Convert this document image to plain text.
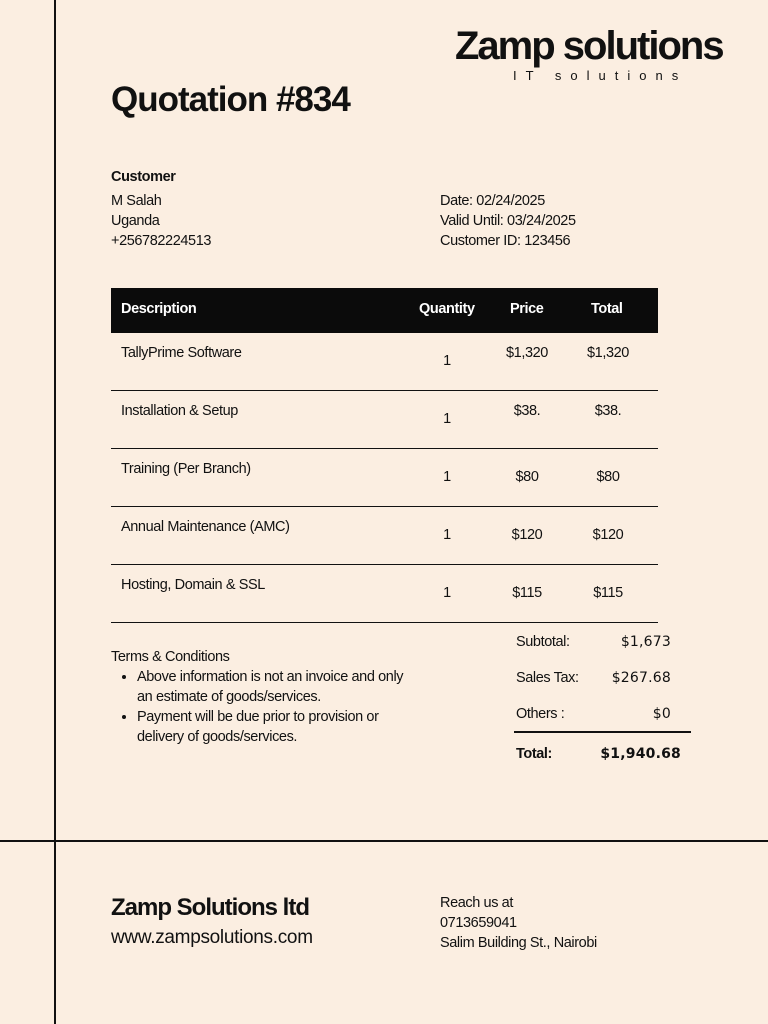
Zamp solutions
IT solutions
Quotation #834
Customer
M Salah
Uganda
+256782224513
Date: 02/24/2025
Valid Until: 03/24/2025
Customer ID: 123456
Description	Quantity Price	Total
TallyPrime Software	1	$1,320	$1,320
Installation & Setup	1	$38.	$38.
Training (Per Branch)	1	$80	$80
Annual Maintenance (AMC)	1	$120	$120
Hosting, Domain & SSL	1	$115	$115
Subtotal:	$1,673
Sales Tax: $267.68
Others :	$0
Total:	$1,940.68
Terms & Conditions
• Above information is not an invoice and only an estimate of goods/services.
• Payment will be due prior to provision or delivery of goods/services.
Zamp Solutions ltd
www.zampsolutions.com
Reach us at
0713659041
Salim Building St., Nairobi
